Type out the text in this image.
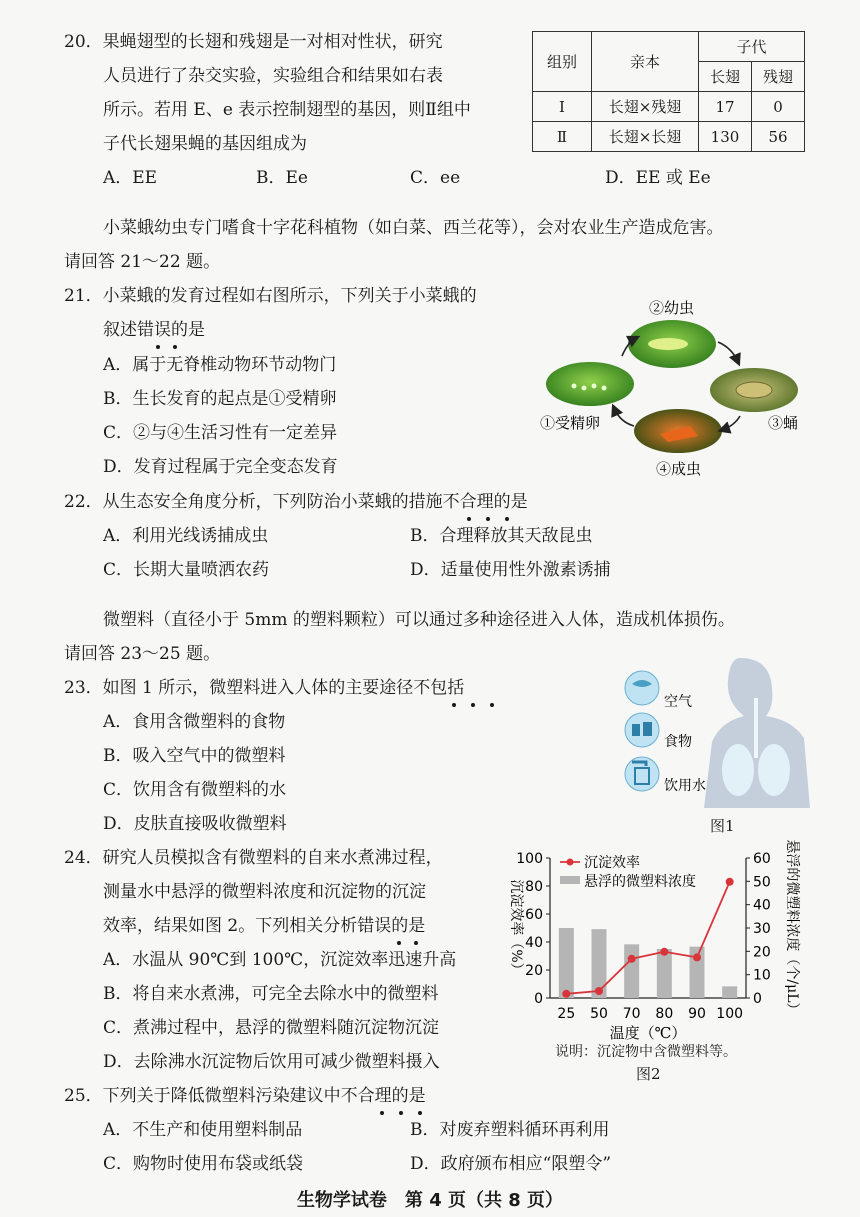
20．果蝇翅型的长翅和残翅是一对相对性状，研究
人员进行了杂交实验，实验组合和结果如右表
所示。若用 E、e 表示控制翅型的基因，则Ⅱ组中
子代长翅果蝇的基因组成为
A．EE	B．Ee	C．ee	D．EE 或 Ee
组别	亲本	子代	
		长翅	残翅
Ⅰ	长翅×残翅	17	0
Ⅱ	长翅×长翅	130	56
小菜蛾幼虫专门嗜食十字花科植物（如白菜、西兰花等），会对农业生产造成危害。
请回答 21～22 题。
21．小菜蛾的发育过程如右图所示，下列关于小菜蛾的
叙述错误的是
A．属于无脊椎动物环节动物门
B．生长发育的起点是①受精卵
C．②与④生活习性有一定差异
D．发育过程属于完全变态发育
②幼虫
①受精卵	③蛹
④成虫
22．从生态安全角度分析，下列防治小菜蛾的措施不合理的是
A．利用光线诱捕成虫	B．合理释放其天敌昆虫
C．长期大量喷洒农药	D．适量使用性外激素诱捕
微塑料（直径小于 5mm 的塑料颗粒）可以通过多种途径进入人体，造成机体损伤。
请回答 23～25 题。
23．如图 1 所示，微塑料进入人体的主要途径不包括
A．食用含微塑料的食物
B．吸入空气中的微塑料
C．饮用含有微塑料的水
D．皮肤直接吸收微塑料
空气
食物
饮用水
图1
24．研究人员模拟含有微塑料的自来水煮沸过程，
测量水中悬浮的微塑料浓度和沉淀物的沉淀
效率，结果如图 2。下列相关分析错误的是
A．水温从 90℃到 100℃，沉淀效率迅速升高
B．将自来水煮沸，可完全去除水中的微塑料
C．煮沸过程中，悬浮的微塑料随沉淀物沉淀
D．去除沸水沉淀物后饮用可减少微塑料摄入
0
20
40
60
80
100
0
10
20
30
40
50
60
25 50 70 80 90 100
温度（℃）
沉淀效率（%）	悬浮的微塑料浓度（个/μL）
沉淀效率
悬浮的微塑料浓度
说明：沉淀物中含微塑料等。
图2
25．下列关于降低微塑料污染建议中不合理的是
A．不生产和使用塑料制品	B．对废弃塑料循环再利用
C．购物时使用布袋或纸袋	D．政府颁布相应“限塑令”
生物学试卷　第 4 页（共 8 页）
